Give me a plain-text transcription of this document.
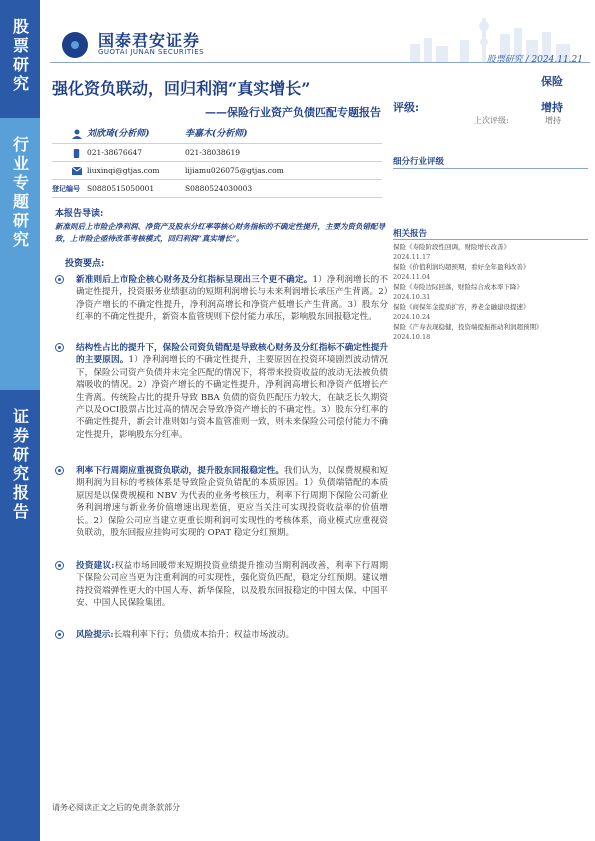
股票研究
行业专题研究
证券研究报告
国泰君安证券
GUOTAI JUNAN SECURITIES
股票研究 / 2024.11.21
强化资负联动，回归利润“真实增长”
——保险行业资产负债匹配专题报告
保险
评级:	增持
上次评级:	增持
刘欣琦(分析师)	李嘉木(分析师)
021-38676647	021-38038619
liuxinqi@gtjas.com	lijiamu026075@gtjas.com
登记编号 S0880515050001	S0880524030003
本报告导读:
新准则后上市险企净利润、净资产及股东分红率等核心财务指标的不确定性提升，主要为资负错配导致，上市险企亟待改革考核模式，回归利润“真实增长”。
投资要点:
新准则后上市险企核心财务及分红指标呈现出三个更不确定。1）净利润增长的不确定性提升，投资服务业绩驱动的短期利润增长与未来利润增长承压产生背离。2）净资产增长的不确定性提升，净利润高增长和净资产低增长产生背离。3）股东分红率的不确定性提升，新资本监管规则下偿付能力承压，影响股东回报稳定性。
结构性占比的提升下，保险公司资负错配是导致核心财务及分红指标不确定性提升的主要原因。1）净利润增长的不确定性提升，主要原因在投资环境剧烈波动情况下，保险公司资产负债并未完全匹配的情况下，将带来投资收益的波动无法被负债端吸收的情况。2）净资产增长的不确定性提升，净利润高增长和净资产低增长产生背离。传统险占比的提升导致 BBA 负债的资负匹配压力较大，在缺乏长久期资产以及OCI股票占比过高的情况会导致净资产增长的不确定性。3）股东分红率的不确定性提升，新会计准则如与资本监管准则一致，则未来保险公司偿付能力不确定性提升，影响股东分红率。
利率下行周期应重视资负联动，提升股东回报稳定性。我们认为，以保费规模和短期利润为目标的考核体系是导致险企资负错配的本质原因。1）负债端错配的本质原因是以保费规模和 NBV 为代表的业务考核压力，利率下行周期下保险公司新业务利润增速与新业务价值增速出现差值，更应当关注可实现投资收益率的价值增长。2）保险公司应当建立更重长期利润可实现性的考核体系，商业模式应重视资负联动，股东回报应挂钩可实现的 OPAT 稳定分红预期。
投资建议:权益市场回暖带来短期投资业绩提升推动当期利润改善，利率下行周期下保险公司应当更为注重利润的可实现性，强化资负匹配，稳定分红预期。建议增持投资端弹性更大的中国人寿、新华保险，以及股东回报稳定的中国太保、中国平安、中国人民保险集团。
风险提示:长端利率下行；负债成本抬升；权益市场波动。
细分行业评级
相关报告
保险《寿险阶段性回调，财险增长改善》
2024.11.17
保险《价值利润均超预期，看好全年盈利改善》
2024.11.04
保险《寿险边际回落，财险综合成本率下降》
2024.10.31
保险《商保年金提质扩容，养老金融建设提速》
2024.10.24
保险《产寿表现稳健，投资端提振推动利润超预期》
2024.10.18
请务必阅读正文之后的免责条款部分
